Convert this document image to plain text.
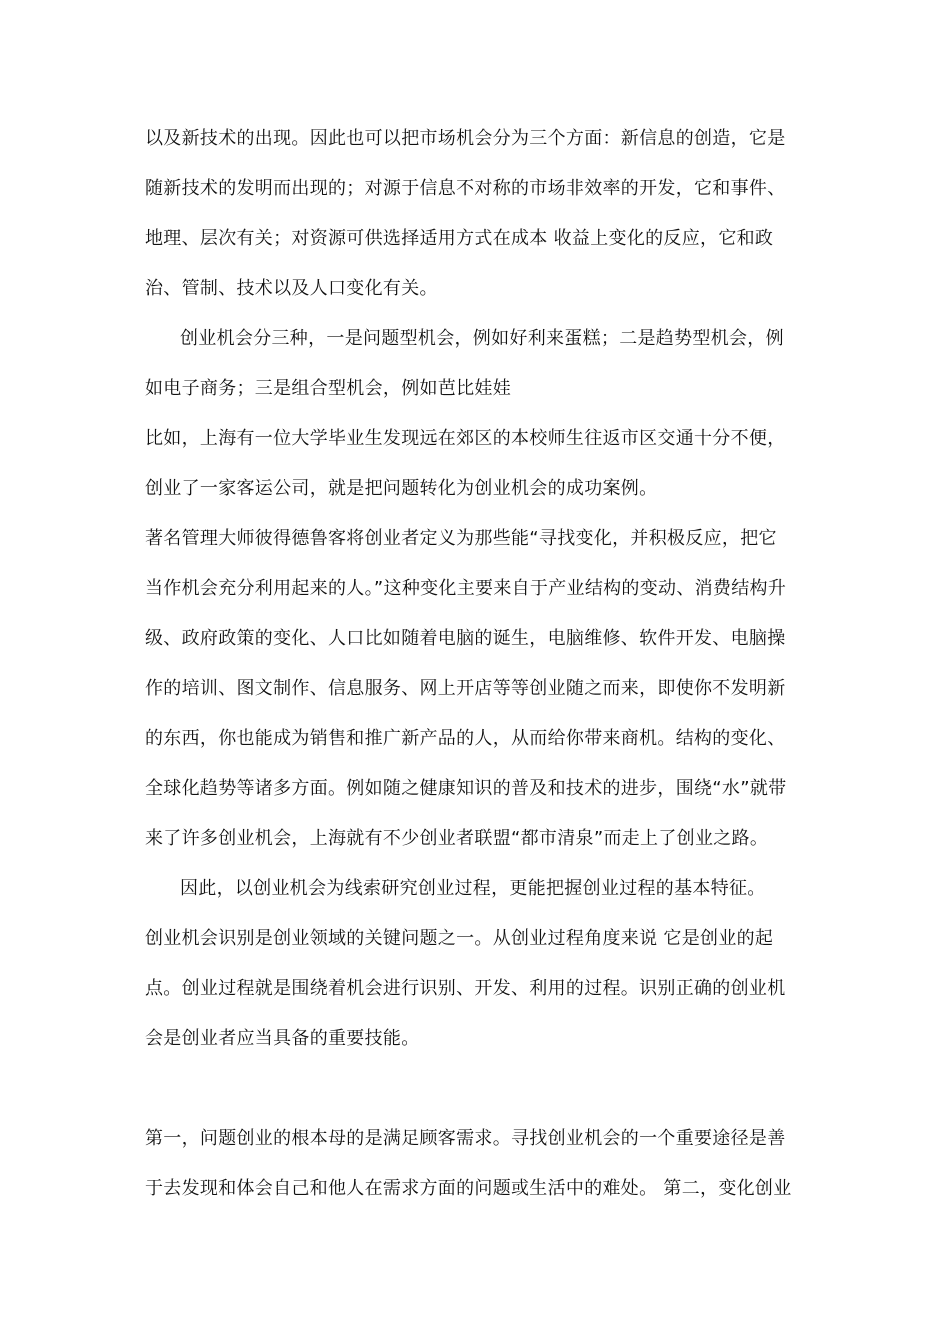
以及新技术的出现。因此也可以把市场机会分为三个方面：新信息的创造，它是
随新技术的发明而出现的；对源于信息不对称的市场非效率的开发，它和事件、
地理、层次有关；对资源可供选择适用方式在成本 收益上变化的反应，它和政
治、管制、技术以及人口变化有关。
创业机会分三种，一是问题型机会，例如好利来蛋糕；二是趋势型机会，例
如电子商务；三是组合型机会，例如芭比娃娃
比如，上海有一位大学毕业生发现远在郊区的本校师生往返市区交通十分不便，
创业了一家客运公司，就是把问题转化为创业机会的成功案例。
著名管理大师彼得德鲁客将创业者定义为那些能“寻找变化，并积极反应，把它
当作机会充分利用起来的人。”这种变化主要来自于产业结构的变动、消费结构升
级、政府政策的变化、人口比如随着电脑的诞生，电脑维修、软件开发、电脑操
作的培训、图文制作、信息服务、网上开店等等创业随之而来，即使你不发明新
的东西，你也能成为销售和推广新产品的人，从而给你带来商机。结构的变化、
全球化趋势等诸多方面。例如随之健康知识的普及和技术的进步，围绕“水”就带
来了许多创业机会，上海就有不少创业者联盟“都市清泉”而走上了创业之路。
因此，以创业机会为线索研究创业过程，更能把握创业过程的基本特征。
创业机会识别是创业领域的关键问题之一。从创业过程角度来说 它是创业的起
点。创业过程就是围绕着机会进行识别、开发、利用的过程。识别正确的创业机
会是创业者应当具备的重要技能。
第一，问题创业的根本母的是满足顾客需求。寻找创业机会的一个重要途径是善
于去发现和体会自己和他人在需求方面的问题或生活中的难处。 第二，变化创业
